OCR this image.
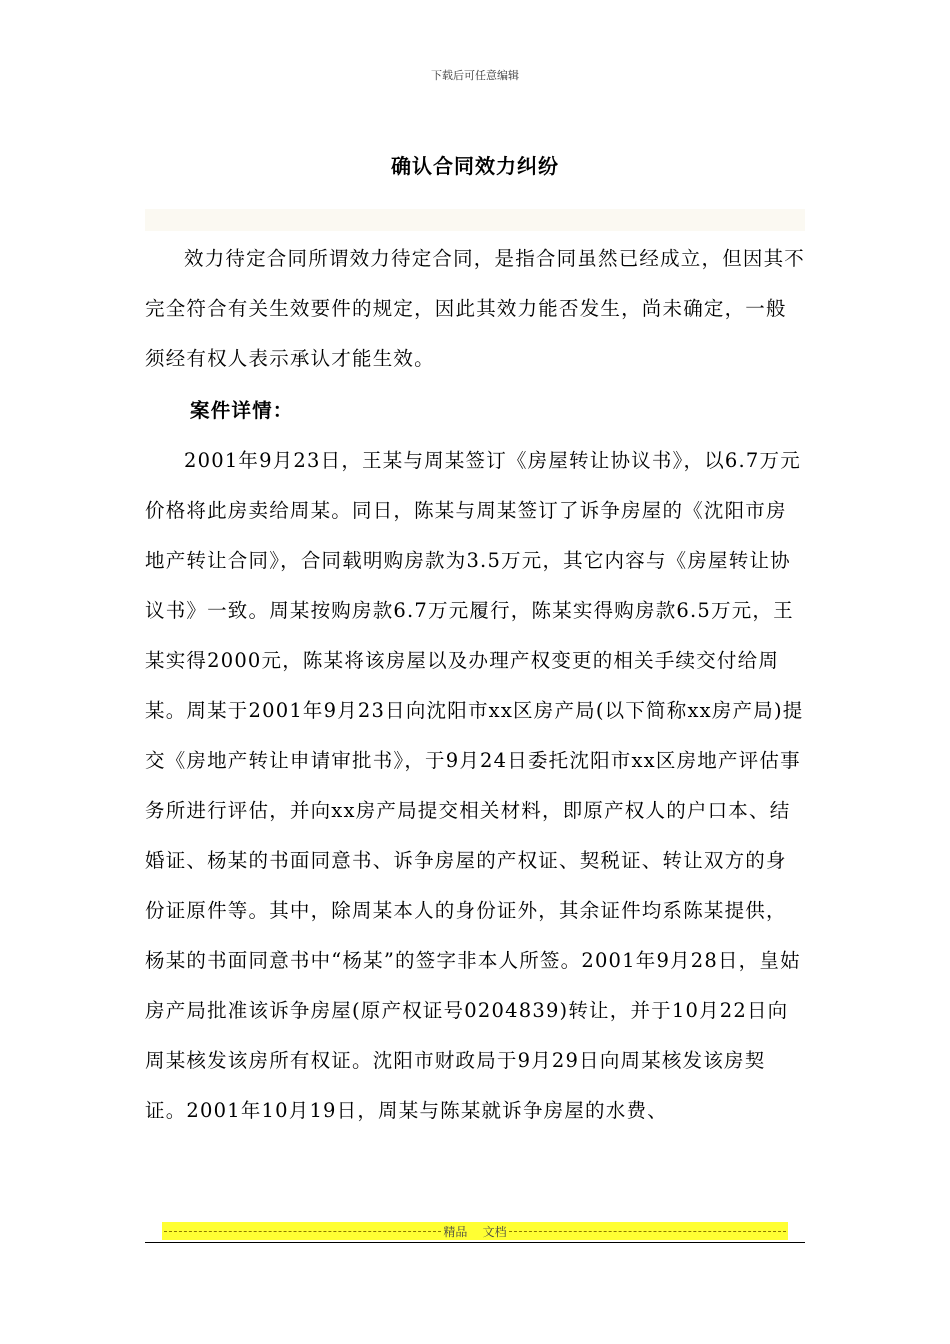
下载后可任意编辑
确认合同效力纠纷

效力待定合同所谓效力待定合同，是指合同虽然已经成立，但因其不完全符合有关生效要件的规定，因此其效力能否发生，尚未确定，一般须经有权人表示承认才能生效。

案件详情：

2001年9月23日，王某与周某签订《房屋转让协议书》，以6.7万元价格将此房卖给周某。同日，陈某与周某签订了诉争房屋的《沈阳市房地产转让合同》，合同载明购房款为3.5万元，其它内容与《房屋转让协议书》一致。周某按购房款6.7万元履行，陈某实得购房款6.5万元，王某实得2000元，陈某将该房屋以及办理产权变更的相关手续交付给周某。周某于2001年9月23日向沈阳市xx区房产局(以下简称xx房产局)提交《房地产转让申请审批书》，于9月24日委托沈阳市xx区房地产评估事务所进行评估，并向xx房产局提交相关材料，即原产权人的户口本、结婚证、杨某的书面同意书、诉争房屋的产权证、契税证、转让双方的身份证原件等。其中，除周某本人的身份证外，其余证件均系陈某提供，杨某的书面同意书中“杨某”的签字非本人所签。2001年9月28日，皇姑房产局批准该诉争房屋(原产权证号0204839)转让，并于10月22日向周某核发该房所有权证。沈阳市财政局于9月29日向周某核发该房契证。2001年10月19日，周某与陈某就诉争房屋的水费、

精品    文档
